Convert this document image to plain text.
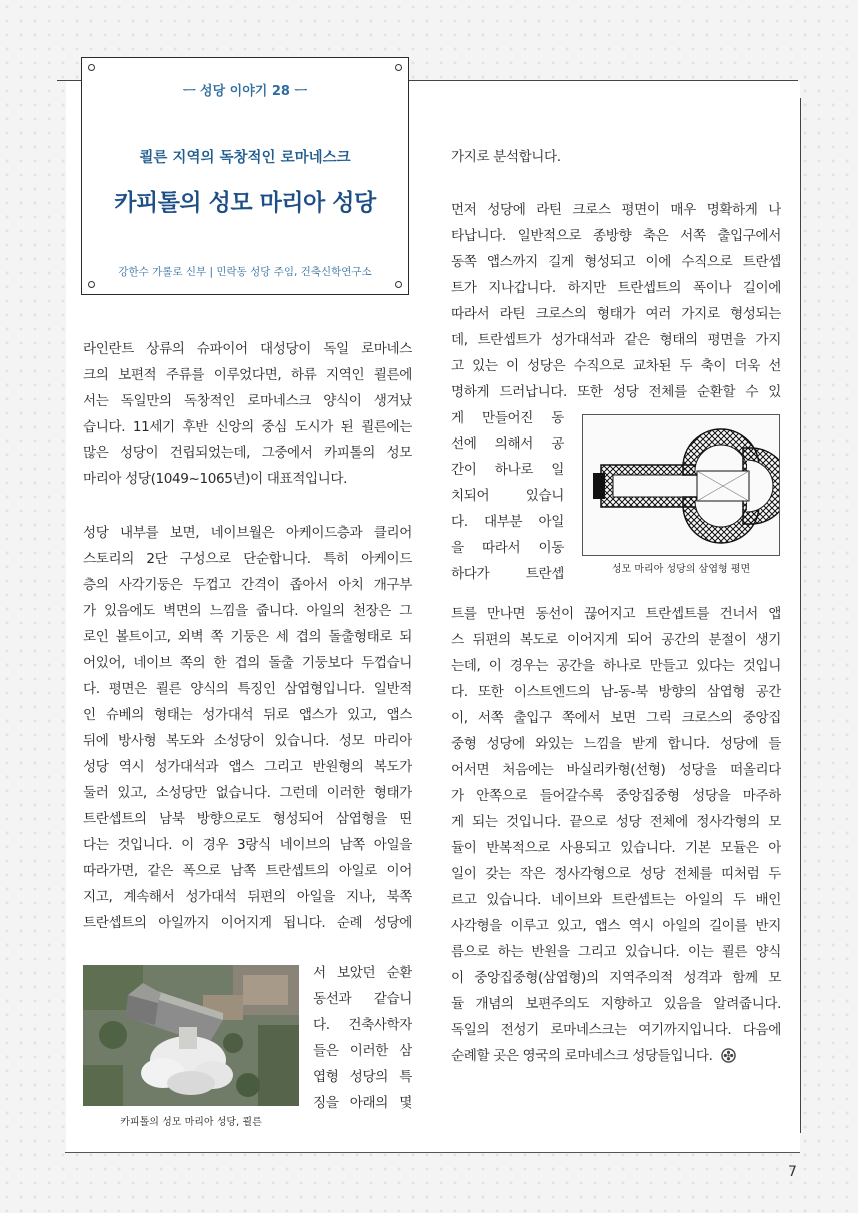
ㅡ 성당 이야기 28 ㅡ
쾰른 지역의 독창적인 로마네스크
카피톨의 성모 마리아 성당
강한수 가롤로 신부 | 민락동 성당 주임, 건축신학연구소
라인란트 상류의 슈파이어 대성당이 독일 로마네스
크의 보편적 주류를 이루었다면, 하류 지역인 쾰른에
서는 독일만의 독창적인 로마네스크 양식이 생겨났
습니다. 11세기 후반 신앙의 중심 도시가 된 쾰른에는
많은 성당이 건립되었는데, 그중에서 카피톨의 성모
마리아 성당(1049~1065년)이 대표적입니다.
성당 내부를 보면, 네이브월은 아케이드층과 클리어
스토리의 2단 구성으로 단순합니다. 특히 아케이드
층의 사각기둥은 두껍고 간격이 좁아서 아치 개구부
가 있음에도 벽면의 느낌을 줍니다. 아일의 천장은 그
로인 볼트이고, 외벽 쪽 기둥은 세 겹의 돌출형태로 되
어있어, 네이브 쪽의 한 겹의 돌출 기둥보다 두껍습니
다. 평면은 쾰른 양식의 특징인 삼엽형입니다. 일반적
인 슈베의 형태는 성가대석 뒤로 앱스가 있고, 앱스
뒤에 방사형 복도와 소성당이 있습니다. 성모 마리아
성당 역시 성가대석과 앱스 그리고 반원형의 복도가
둘러 있고, 소성당만 없습니다. 그런데 이러한 형태가
트란셉트의 남북 방향으로도 형성되어 삼엽형을 띤
다는 것입니다. 이 경우 3랑식 네이브의 남쪽 아일을
따라가면, 같은 폭으로 남쪽 트란셉트의 아일로 이어
지고, 계속해서 성가대석 뒤편의 아일을 지나, 북쪽
트란셉트의 아일까지 이어지게 됩니다. 순례 성당에
서 보았던 순환
동선과 같습니
다. 건축사학자
들은 이러한 삼
엽형 성당의 특
징을 아래의 몇
카피톨의 성모 마리아 성당, 쾰른
가지로 분석합니다.
먼저 성당에 라틴 크로스 평면이 매우 명확하게 나
타납니다. 일반적으로 종방향 축은 서쪽 출입구에서
동쪽 앱스까지 길게 형성되고 이에 수직으로 트란셉
트가 지나갑니다. 하지만 트란셉트의 폭이나 길이에
따라서 라틴 크로스의 형태가 여러 가지로 형성되는
데, 트란셉트가 성가대석과 같은 형태의 평면을 가지
고 있는 이 성당은 수직으로 교차된 두 축이 더욱 선
명하게 드러납니다. 또한 성당 전체를 순환할 수 있
게 만들어진 동
선에 의해서 공
간이 하나로 일
치되어 있습니
다. 대부분 아일
을 따라서 이동
하다가 트란셉	성모 마리아 성당의 삼엽형 평면
트를 만나면 동선이 끊어지고 트란셉트를 건너서 앱
스 뒤편의 복도로 이어지게 되어 공간의 분절이 생기
는데, 이 경우는 공간을 하나로 만들고 있다는 것입니
다. 또한 이스트엔드의 남-동-북 방향의 삼엽형 공간
이, 서쪽 출입구 쪽에서 보면 그릭 크로스의 중앙집
중형 성당에 와있는 느낌을 받게 합니다. 성당에 들
어서면 처음에는 바실리카형(선형) 성당을 떠올리다
가 안쪽으로 들어갈수록 중앙집중형 성당을 마주하
게 되는 것입니다. 끝으로 성당 전체에 정사각형의 모
듈이 반복적으로 사용되고 있습니다. 기본 모듈은 아
일이 갖는 작은 정사각형으로 성당 전체를 띠처럼 두
르고 있습니다. 네이브와 트란셉트는 아일의 두 배인
사각형을 이루고 있고, 앱스 역시 아일의 길이를 반지
름으로 하는 반원을 그리고 있습니다. 이는 쾰른 양식
이 중앙집중형(삼엽형)의 지역주의적 성격과 함께 모
듈 개념의 보편주의도 지향하고 있음을 알려줍니다.
독일의 전성기 로마네스크는 여기까지입니다. 다음에
순례할 곳은 영국의 로마네스크 성당들입니다.
7
